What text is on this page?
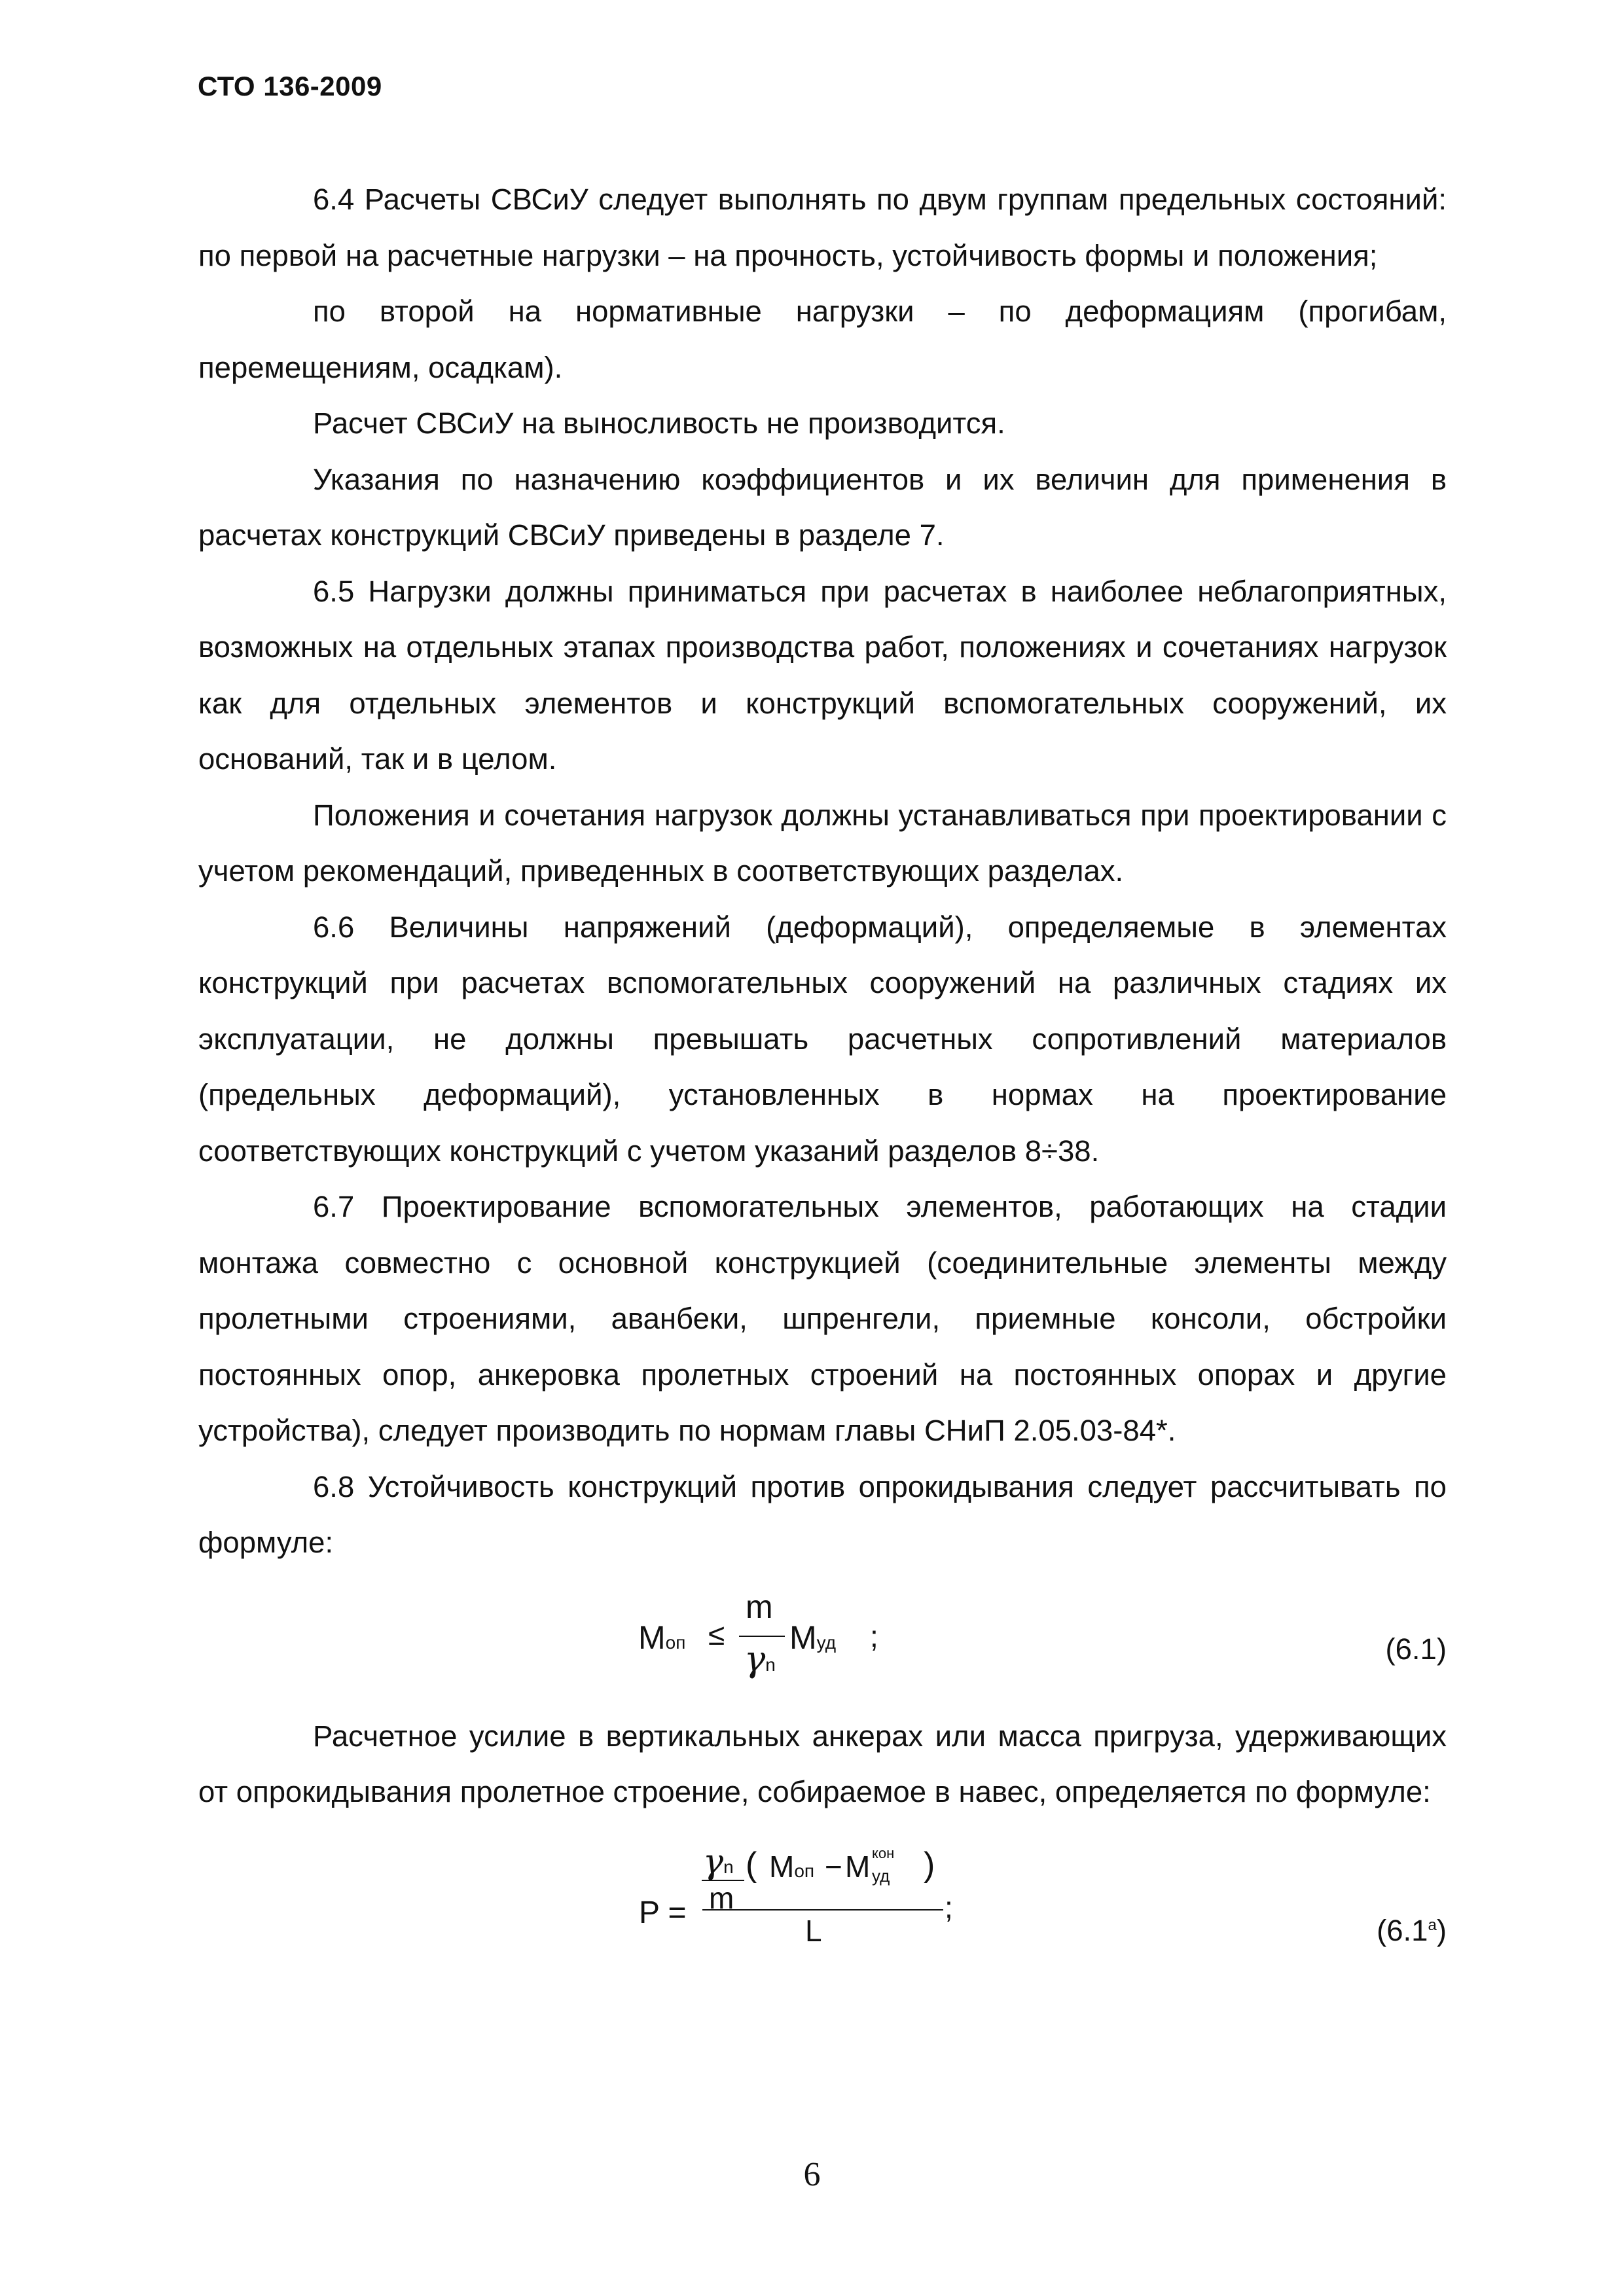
СТО 136-2009

6.4 Расчеты СВСиУ следует выполнять по двум группам предельных состояний: по первой на расчетные нагрузки – на прочность, устойчивость формы и положения;

по второй на нормативные нагрузки – по деформациям (прогибам, перемещениям, осадкам).

Расчет СВСиУ на выносливость не производится.

Указания по назначению коэффициентов и их величин для применения в расчетах конструкций СВСиУ приведены в разделе 7.

6.5 Нагрузки должны приниматься при расчетах в наиболее неблагоприятных, возможных на отдельных этапах производства работ, положениях и сочетаниях нагрузок как для отдельных элементов и конструкций вспомогательных сооружений, их оснований, так и в целом.

Положения и сочетания нагрузок должны устанавливаться при проектировании с учетом рекомендаций, приведенных в соответствующих разделах.

6.6 Величины напряжений (деформаций), определяемые в элементах конструкций при расчетах вспомогательных сооружений на различных стадиях их эксплуатации, не должны превышать расчетных сопротивлений материалов (предельных деформаций), установленных в нормах на проектирование соответствующих конструкций с учетом указаний разделов 8÷38.

6.7 Проектирование вспомогательных элементов, работающих на стадии монтажа совместно с основной конструкцией (соединительные элементы между пролетными строениями, аванбеки, шпренгели, приемные консоли, обстройки постоянных опор, анкеровка пролетных строений на постоянных опорах и другие устройства), следует производить по нормам главы СНиП 2.05.03-84*.

6.8 Устойчивость конструкций против опрокидывания следует рассчитывать по формуле:

Mоп ≤
m
γn
Mуд ;	(6.1)

Расчетное усилие в вертикальных анкерах или масса пригруза, удерживающих от опрокидывания пролетное строение, собираемое в навес, определяется по формуле:

P =
γn
m
( Mоп − M кон
уд )
L
;
(6.1$^a$)
6
